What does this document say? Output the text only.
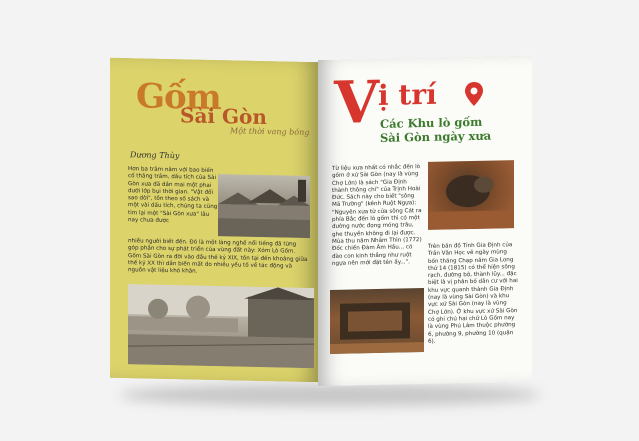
Gốm
Sài Gòn
Một thời vang bóng
Dương Thùy
Hơn ba trăm năm với bao biến cố thăng trầm, dấu tích của Sài Gòn xưa đã dần mai một phai dưới lớp bụi thời gian. "Vật đổi sao dời", tồn theo số sách và một vài dấu tích, chúng ta cũng tìm lại một "Sài Gòn xưa" lâu nay chưa được
nhiều người biết đến. Đó là một làng nghề nổi tiếng đã từng góp phần cho sự phát triển của vùng đất này: Xóm Lò Gốm. Gốm Sài Gòn ra đời vào đầu thế kỷ XIX, tồn tại đến khoảng giữa thế kỷ XX thì dần biến mất do nhiều yếu tố về tác động và nguồn vật liệu khó khăn.
V
ị trí
Các Khu lò gốm
Sài Gòn ngày xưa
Từ liệu xưa nhất có nhắc đến lò gốm ở xứ Sài Gòn (nay là vùng Chợ Lớn) là sách "Gia Định thành thông chí" của Trịnh Hoài Đức. Sách này cho biết "sông Mã Trường" (kênh Ruột Ngựa): "Nguyên xưa từ cửa sông Cát ra phía Bắc đến lò gốm thì có một đường nước đọng móng trâu, ghe thuyền không đi lại được. Mùa thu năm Nhâm Thìn (1772) Đốc chiến Đàm Âm Hầu... có đào con kinh thẳng như ruột ngựa nên mới đặt tên ấy...".
Trên bản đồ Tỉnh Gia Định của Trần Văn Học vẽ ngày mùng bốn tháng Chạp năm Gia Long thứ 14 (1815) có thể hiện sông rạch, đường bộ, thành lũy... đặc biệt là vị phân bố dân cư với hai khu vực quanh thành Gia Định (nay là vùng Sài Gòn) và khu vực xứ Sài Gòn (nay là vùng Chợ Lớn). Ở khu vực xứ Sài Gòn có ghi chú hai chữ Lò Gốm nay là vùng Phú Lâm thuộc phường 6, phường 9, phường 10 (quận 6).
